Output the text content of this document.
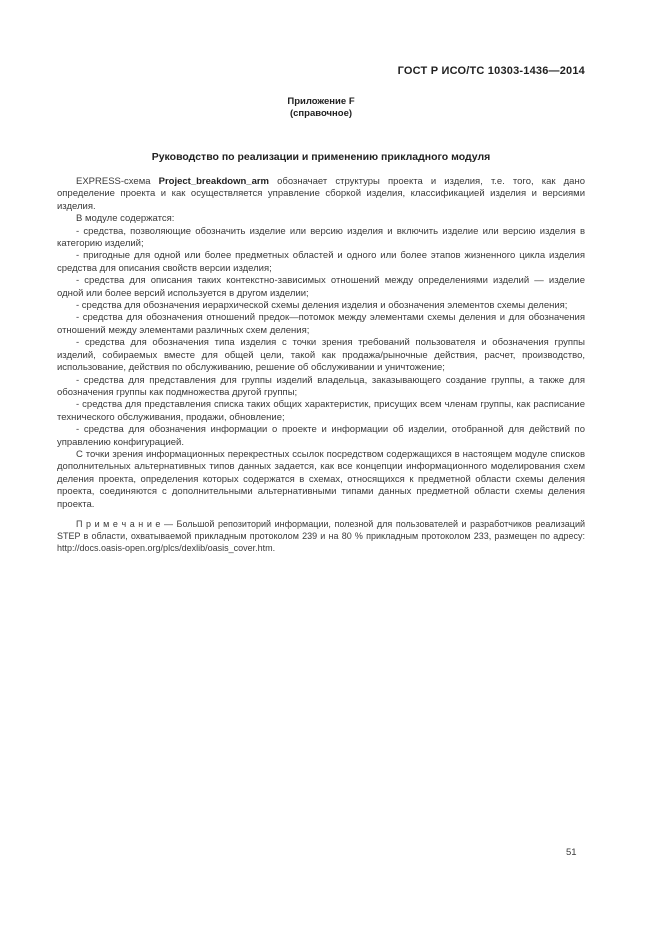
ГОСТ Р ИСО/ТС 10303-1436—2014
Приложение F
(справочное)
Руководство по реализации и применению прикладного модуля

EXPRESS-схема Project_breakdown_arm обозначает структуры проекта и изделия, т.е. того, как дано определение проекта и как осуществляется управление сборкой изделия, классификацией изделия и версиями изделия.

В модуле содержатся:

- средства, позволяющие обозначить изделие или версию изделия и включить изделие или версию изделия в категорию изделий;

- пригодные для одной или более предметных областей и одного или более этапов жизненного цикла изделия средства для описания свойств версии изделия;

- средства для описания таких контекстно-зависимых отношений между определениями изделий — изделие одной или более версий используется в другом изделии;

- средства для обозначения иерархической схемы деления изделия и обозначения элементов схемы деления;

- средства для обозначения отношений предок—потомок между элементами схемы деления и для обозначения отношений между элементами различных схем деления;

- средства для обозначения типа изделия с точки зрения требований пользователя и обозначения группы изделий, собираемых вместе для общей цели, такой как продажа/рыночные действия, расчет, производство, использование, действия по обслуживанию, решение об обслуживании и уничтожение;

- средства для представления для группы изделий владельца, заказывающего создание группы, а также для обозначения группы как подмножества другой группы;

- средства для представления списка таких общих характеристик, присущих всем членам группы, как расписание технического обслуживания, продажи, обновление;

- средства для обозначения информации о проекте и информации об изделии, отобранной для действий по управлению конфигурацией.

С точки зрения информационных перекрестных ссылок посредством содержащихся в настоящем модуле списков дополнительных альтернативных типов данных задается, как все концепции информационного моделирования схем деления проекта, определения которых содержатся в схемах, относящихся к предметной области схемы деления проекта, соединяются с дополнительными альтернативными типами данных предметной области схемы деления проекта.

П р и м е ч а н и е — Большой репозиторий информации, полезной для пользователей и разработчиков реализаций STEP в области, охватываемой прикладным протоколом 239 и на 80 % прикладным протоколом 233, размещен по адресу: http://docs.oasis-open.org/plcs/dexlib/oasis_cover.htm.

51
